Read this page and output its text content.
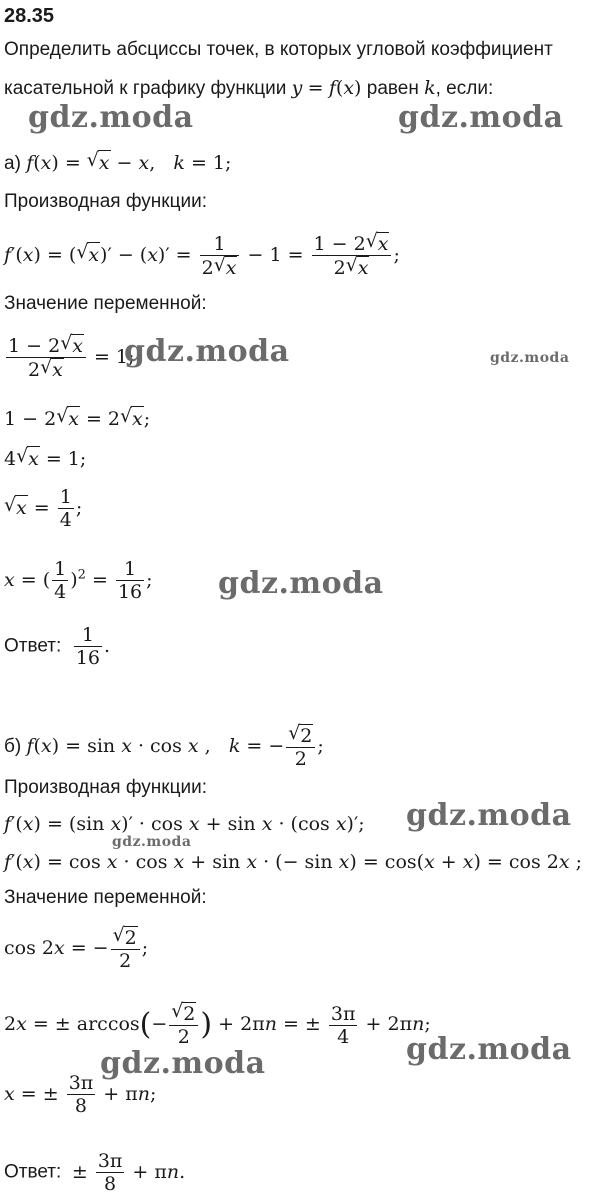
28.35
Определить абсциссы точек, в которых угловой коэффициент
касательной к графику функции y = f(x) равен k, если:
а) f(x) = √ x − x,   k = 1;
Производная функции:
f′(x) = ( √ $x)' - (x)' = \frac{1}{2 √ x} - 1 = \frac{1 - 2 √ x}{2 √ x}$ ;
Значение переменной:
$\frac{1 - 2 √ x}{2 √ x} = 1$;
1 − 2 √ x = 2 √ x;
4 √ x = 1;
√ $x = \frac{1}{4}$ ;
x = ( $\frac{1}{4} )^2 = \frac{1}{16}$ ;
Ответ: $\frac{1}{16}$ .
б) f(x) = sin x · cos x ,   k = − √ $\frac{2}{2}$ ;
Производная функции:
f′(x) = (sin x)′ · cos x + sin x · (cos x)′;
f′(x) = cos x · cos x + sin x · (− sin x) = cos(x + x) = cos 2x ;
Значение переменной:
cos 2x = − √ $\frac{2}{2}$ ;
2x = ± arccos(− √ $\frac{2}{2}$ ) + 2πn = ± $\frac{3\pi}{4} + 2\pi n$;
x = ± $\frac{3\pi}{8} + \pi n$;
Ответ: ± $\frac{3\pi}{8} + \pi n$.
gdz.moda	gdz.moda
gdz.moda	gdz.moda
gdz.moda
gdz.moda
gdz.moda
gdz.moda
gdz.moda
